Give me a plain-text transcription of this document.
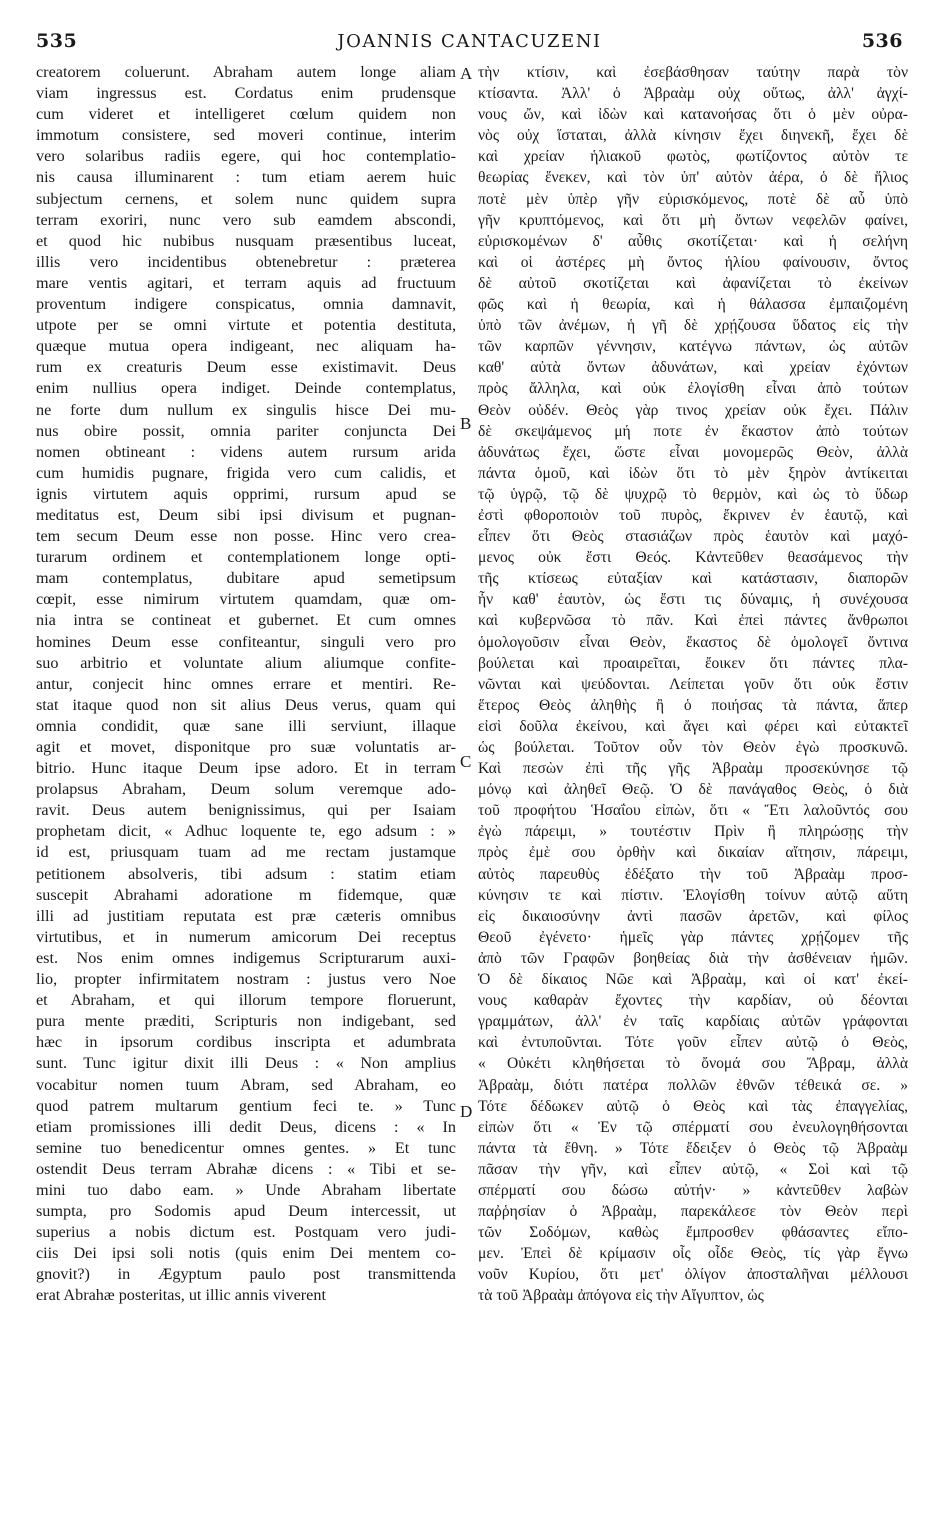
535	JOANNIS CANTACUZENI	536
creatorem coluerunt. Abraham autem longe aliam
viam ingressus est. Cordatus enim prudensque
cum videret et intelligeret cœlum quidem non
immotum consistere, sed moveri continue, interim
vero solaribus radiis egere, qui hoc contemplatio-
nis causa illuminarent : tum etiam aerem huic
subjectum cernens, et solem nunc quidem supra
terram exoriri, nunc vero sub eamdem abscondi,
et quod hic nubibus nusquam præsentibus luceat,
illis vero incidentibus obtenebretur : prætereа
mare ventis agitari, et terram aquis ad fructuum
proventum indigere conspicatus, omnia damnavit,
utpote per se omni virtute et potentia destituta,
quæque mutua opera indigeant, nec aliquam ha-
rum ex creaturis Deum esse existimavit. Deus
enim nullius opera indiget. Deinde contemplatus,
ne forte dum nullum ex singulis hisce Dei mu-
nus obire possit, omnia pariter conjuncta Dei
nomen obtineant : videns autem rursum arida
cum humidis pugnare, frigida vero cum calidis, et
ignis virtutem aquis opprimi, rursum apud se
meditatus est, Deum sibi ipsi divisum et pugnan-
tem secum Deum esse non posse. Hinc vero crea-
turarum ordinem et contemplationem longe opti-
mam contemplatus, dubitare apud semetipsum
cœpit, esse nimirum virtutem quamdam, quæ om-
nia intra se contineat et gubernet. Et cum omnes
homines Deum esse confiteantur, singuli vero pro
suo arbitrio et voluntate alium aliumque confite-
antur, conjecit hinc omnes errare et mentiri. Re-
stat itaque quod non sit alius Deus verus, quam qui
omnia condidit, quæ sane illi serviunt, illaque
agit et movet, disponitque pro suæ voluntatis ar-
bitrio. Hunc itaque Deum ipse adoro. Et in terram
prolapsus Abraham, Deum solum veremque ado-
ravit. Deus autem benignissimus, qui per Isaiam
prophetam dicit, « Adhuc loquente te, ego adsum : »
id est, priusquam tuam ad me rectam justamque
petitionem absolveris, tibi adsum : statim etiam
suscepit Abrahami adoratione m fidemque, quæ
illi ad justitiam reputata est præ cæteris omnibus
virtutibus, et in numerum amicorum Dei receptus
est. Nos enim omnes indigemus Scripturarum auxi-
lio, propter infirmitatem nostram : justus vero Noe
et Abraham, et qui illorum tempore floruerunt,
pura mente præditi, Scripturis non indigebant, sed
hæc in ipsorum cordibus inscripta et adumbrata
sunt. Tunc igitur dixit illi Deus : « Non amplius
vocabitur nomen tuum Abram, sed Abraham, eo
quod patrem multarum gentium feci te. » Tunc
etiam promissiones illi dedit Deus, dicens : « In
semine tuo benedicentur omnes gentes. » Et tunc
ostendit Deus terram Abrahæ dicens : « Tibi et se-
mini tuo dabo eam. » Unde Abraham libertate
sumpta, pro Sodomis apud Deum intercessit, ut
superius a nobis dictum est. Postquam vero judi-
ciis Dei ipsi soli notis (quis enim Dei mentem co-
gnovit?) in Ægyptum paulo post transmittenda
erat Abrahæ posteritas, ut illic annis viverent
τὴν κτίσιν, καὶ ἐσεβάσθησαν ταύτην παρὰ τὸν
κτίσαντα. Ἀλλ' ὁ Ἀβραὰμ οὐχ οὕτως, ἀλλ' ἀγχί-
νους ὤν, καὶ ἰδὼν καὶ κατανοήσας ὅτι ὁ μὲν οὐρα-
νὸς οὐχ ἵσταται, ἀλλὰ κίνησιν ἔχει διηνεκῆ, ἔχει δὲ
καὶ χρείαν ἡλιακοῦ φωτὸς, φωτίζοντος αὐτὸν τε
θεωρίας ἕνεκεν, καὶ τὸν ὑπ' αὐτὸν ἀέρα, ὁ δὲ ἥλιος
ποτὲ μὲν ὑπὲρ γῆν εὑρισκόμενος, ποτὲ δὲ αὖ ὑπὸ
γῆν κρυπτόμενος, καὶ ὅτι μὴ ὄντων νεφελῶν φαίνει,
εὑρισκομένων δ' αὖθις σκοτίζεται· καὶ ἡ σελήνη
καὶ οἱ ἀστέρες μὴ ὄντος ἡλίου φαίνουσιν, ὄντος
δὲ αὐτοῦ σκοτίζεται καὶ ἀφανίζεται τὸ ἐκείνων
φῶς καὶ ἡ θεωρία, καὶ ἡ θάλασσα ἐμπαιζομένη
ὑπὸ τῶν ἀνέμων, ἡ γῆ δὲ χρῄζουσα ὕδατος εἰς τὴν
τῶν καρπῶν γέννησιν, κατέγνω πάντων, ὡς αὐτῶν
καθ' αὐτὰ ὄντων ἀδυνάτων, καὶ χρείαν ἐχόντων
πρὸς ἄλληλα, καὶ οὐκ ἐλογίσθη εἶναι ἀπὸ τούτων
Θεὸν οὐδέν. Θεὸς γὰρ τινος χρείαν οὐκ ἔχει. Πάλιν
δὲ σκεψάμενος μή ποτε ἐν ἕκαστον ἀπὸ τούτων
ἀδυνάτως ἔχει, ὥστε εἶναι μονομερῶς Θεὸν, ἀλλὰ
πάντα ὁμοῦ, καὶ ἰδὼν ὅτι τὸ μὲν ξηρὸν ἀντίκειται
τῷ ὑγρῷ, τῷ δὲ ψυχρῷ τὸ θερμὸν, καὶ ὡς τὸ ὕδωρ
ἐστὶ φθοροποιὸν τοῦ πυρὸς, ἔκρινεν ἐν ἑαυτῷ, καὶ
εἶπεν ὅτι Θεὸς στασιάζων πρὸς ἑαυτὸν καὶ μαχό-
μενος οὐκ ἔστι Θεός. Κἀντεῦθεν θεασάμενος τὴν
τῆς κτίσεως εὐταξίαν καὶ κατάστασιν, διαπορῶν
ἦν καθ' ἑαυτὸν, ὡς ἔστι τις δύναμις, ἡ συνέχουσα
καὶ κυβερνῶσα τὸ πᾶν. Καὶ ἐπεὶ πάντες ἄνθρωποι
ὁμολογοῦσιν εἶναι Θεὸν, ἕκαστος δὲ ὁμολογεῖ ὄντινα
βούλεται καὶ προαιρεῖται, ἔοικεν ὅτι πάντες πλα-
νῶνται καὶ ψεύδονται. Λείπεται γοῦν ὅτι οὐκ ἔστιν
ἕτερος Θεὸς ἀληθὴς ἢ ὁ ποιήσας τὰ πάντα, ἅπερ
εἰσὶ δοῦλα ἐκείνου, καὶ ἄγει καὶ φέρει καὶ εὐτακτεῖ
ὡς βούλεται. Τοῦτον οὖν τὸν Θεὸν ἐγὼ προσκυνῶ.
Καὶ πεσὼν ἐπὶ τῆς γῆς Ἀβραὰμ προσεκύνησε τῷ
μόνῳ καὶ ἀληθεῖ Θεῷ. Ὁ δὲ πανάγαθος Θεὸς, ὁ διὰ
τοῦ προφήτου Ἡσαΐου εἰπὼν, ὅτι « Ἔτι λαλοῦντός σου
ἐγὼ πάρειμι, » τουτέστιν Πρὶν ἢ πληρώσῃς τὴν
πρὸς ἐμὲ σου ὀρθὴν καὶ δικαίαν αἴτησιν, πάρειμι,
αὐτὸς παρευθὺς ἐδέξατο τὴν τοῦ Ἀβραὰμ προσ-
κύνησιν τε καὶ πίστιν. Ἐλογίσθη τοίνυν αὐτῷ αὕτη
εἰς δικαιοσύνην ἀντὶ πασῶν ἀρετῶν, καὶ φίλος
Θεοῦ ἐγένετο· ἡμεῖς γὰρ πάντες χρῄζομεν τῆς
ἀπὸ τῶν Γραφῶν βοηθείας διὰ τὴν ἀσθένειαν ἡμῶν.
Ὁ δὲ δίκαιος Νῶε καὶ Ἀβραὰμ, καὶ οἱ κατ' ἐκεί-
νους καθαρὰν ἔχοντες τὴν καρδίαν, οὐ δέονται
γραμμάτων, ἀλλ' ἐν ταῖς καρδίαις αὐτῶν γράφονται
καὶ ἐντυποῦνται. Τότε γοῦν εἶπεν αὐτῷ ὁ Θεὸς,
« Οὐκέτι κληθήσεται τὸ ὄνομά σου Ἄβραμ, ἀλλὰ
Ἀβραὰμ, διότι πατέρα πολλῶν ἐθνῶν τέθεικά σε. »
Τότε δέδωκεν αὐτῷ ὁ Θεὸς καὶ τὰς ἐπαγγελίας,
εἰπὼν ὅτι « Ἐν τῷ σπέρματί σου ἐνευλογηθήσονται
πάντα τὰ ἔθνη. » Τότε ἔδειξεν ὁ Θεὸς τῷ Ἀβραὰμ
πᾶσαν τὴν γῆν, καὶ εἶπεν αὐτῷ, « Σοὶ καὶ τῷ
σπέρματί σου δώσω αὐτήν· » κἀντεῦθεν λαβὼν
παῤῥησίαν ὁ Ἀβραὰμ, παρεκάλεσε τὸν Θεὸν περὶ
τῶν Σοδόμων, καθὼς ἔμπροσθεν φθάσαντες εἴπο-
μεν. Ἐπεὶ δὲ κρίμασιν οἷς οἶδε Θεὸς, τίς γὰρ ἔγνω
νοῦν Κυρίου, ὅτι μετ' ὀλίγον ἀποσταλῆναι μέλλουσι
τὰ τοῦ Ἀβραὰμ ἀπόγονα εἰς τὴν Αἴγυπτον, ὡς
A
B
C
D
